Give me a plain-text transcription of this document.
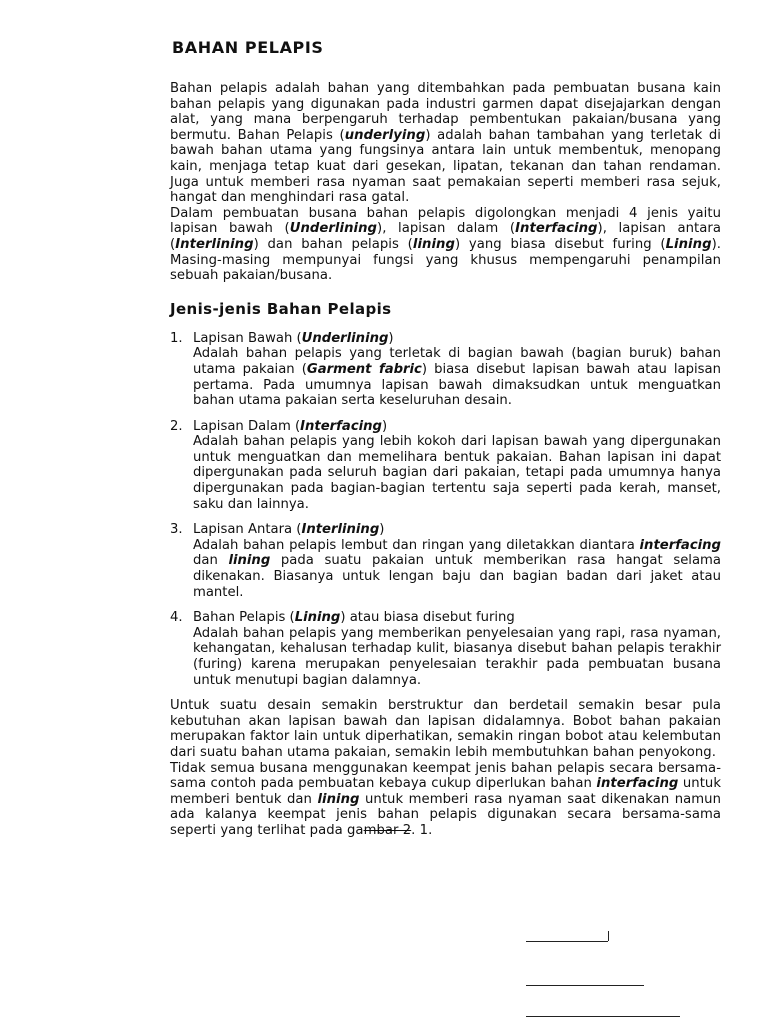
BAHAN PELAPIS

Bahan pelapis adalah bahan yang ditembahkan pada pembuatan busana kain bahan pelapis yang digunakan pada industri garmen dapat disejajarkan dengan alat, yang mana berpengaruh terhadap pembentukan pakaian/busana yang bermutu. Bahan Pelapis (underlying) adalah bahan tambahan yang terletak di bawah bahan utama yang fungsinya antara lain untuk membentuk, menopang kain, menjaga tetap kuat dari gesekan, lipatan, tekanan dan tahan rendaman. Juga untuk memberi rasa nyaman saat pemakaian seperti memberi rasa sejuk, hangat dan menghindari rasa gatal.

Dalam pembuatan busana bahan pelapis digolongkan menjadi 4 jenis yaitu lapisan bawah (Underlining), lapisan dalam (Interfacing), lapisan antara (Interlining) dan bahan pelapis (lining) yang biasa disebut furing (Lining). Masing-masing mempunyai fungsi yang khusus mempengaruhi penampilan sebuah pakaian/busana.

Jenis-jenis Bahan Pelapis
1. Lapisan Bawah (Underlining)
Adalah bahan pelapis yang terletak di bagian bawah (bagian buruk) bahan utama pakaian (Garment fabric) biasa disebut lapisan bawah atau lapisan pertama. Pada umumnya lapisan bawah dimaksudkan untuk menguatkan bahan utama pakaian serta keseluruhan desain.
2. Lapisan Dalam (Interfacing)
Adalah bahan pelapis yang lebih kokoh dari lapisan bawah yang dipergunakan untuk menguatkan dan memelihara bentuk pakaian. Bahan lapisan ini dapat dipergunakan pada seluruh bagian dari pakaian, tetapi pada umumnya hanya dipergunakan pada bagian-bagian tertentu saja seperti pada kerah, manset, saku dan lainnya.
3. Lapisan Antara (Interlining)
Adalah bahan pelapis lembut dan ringan yang diletakkan diantara interfacing dan lining pada suatu pakaian untuk memberikan rasa hangat selama dikenakan. Biasanya untuk lengan baju dan bagian badan dari jaket atau mantel.
4. Bahan Pelapis (Lining) atau biasa disebut furing
Adalah bahan pelapis yang memberikan penyelesaian yang rapi, rasa nyaman, kehangatan, kehalusan terhadap kulit, biasanya disebut bahan pelapis terakhir (furing) karena merupakan penyelesaian terakhir pada pembuatan busana untuk menutupi bagian dalamnya.

Untuk suatu desain semakin berstruktur dan berdetail semakin besar pula kebutuhan akan lapisan bawah dan lapisan didalamnya. Bobot bahan pakaian merupakan faktor lain untuk diperhatikan, semakin ringan bobot atau kelembutan dari suatu bahan utama pakaian, semakin lebih membutuhkan bahan penyokong.

Tidak semua busana menggunakan keempat jenis bahan pelapis secara bersama-sama contoh pada pembuatan kebaya cukup diperlukan bahan interfacing untuk memberi bentuk dan lining untuk memberi rasa nyaman saat dikenakan namun ada kalanya keempat jenis bahan pelapis digunakan secara bersama-sama seperti yang terlihat pada gambar 2. 1.
